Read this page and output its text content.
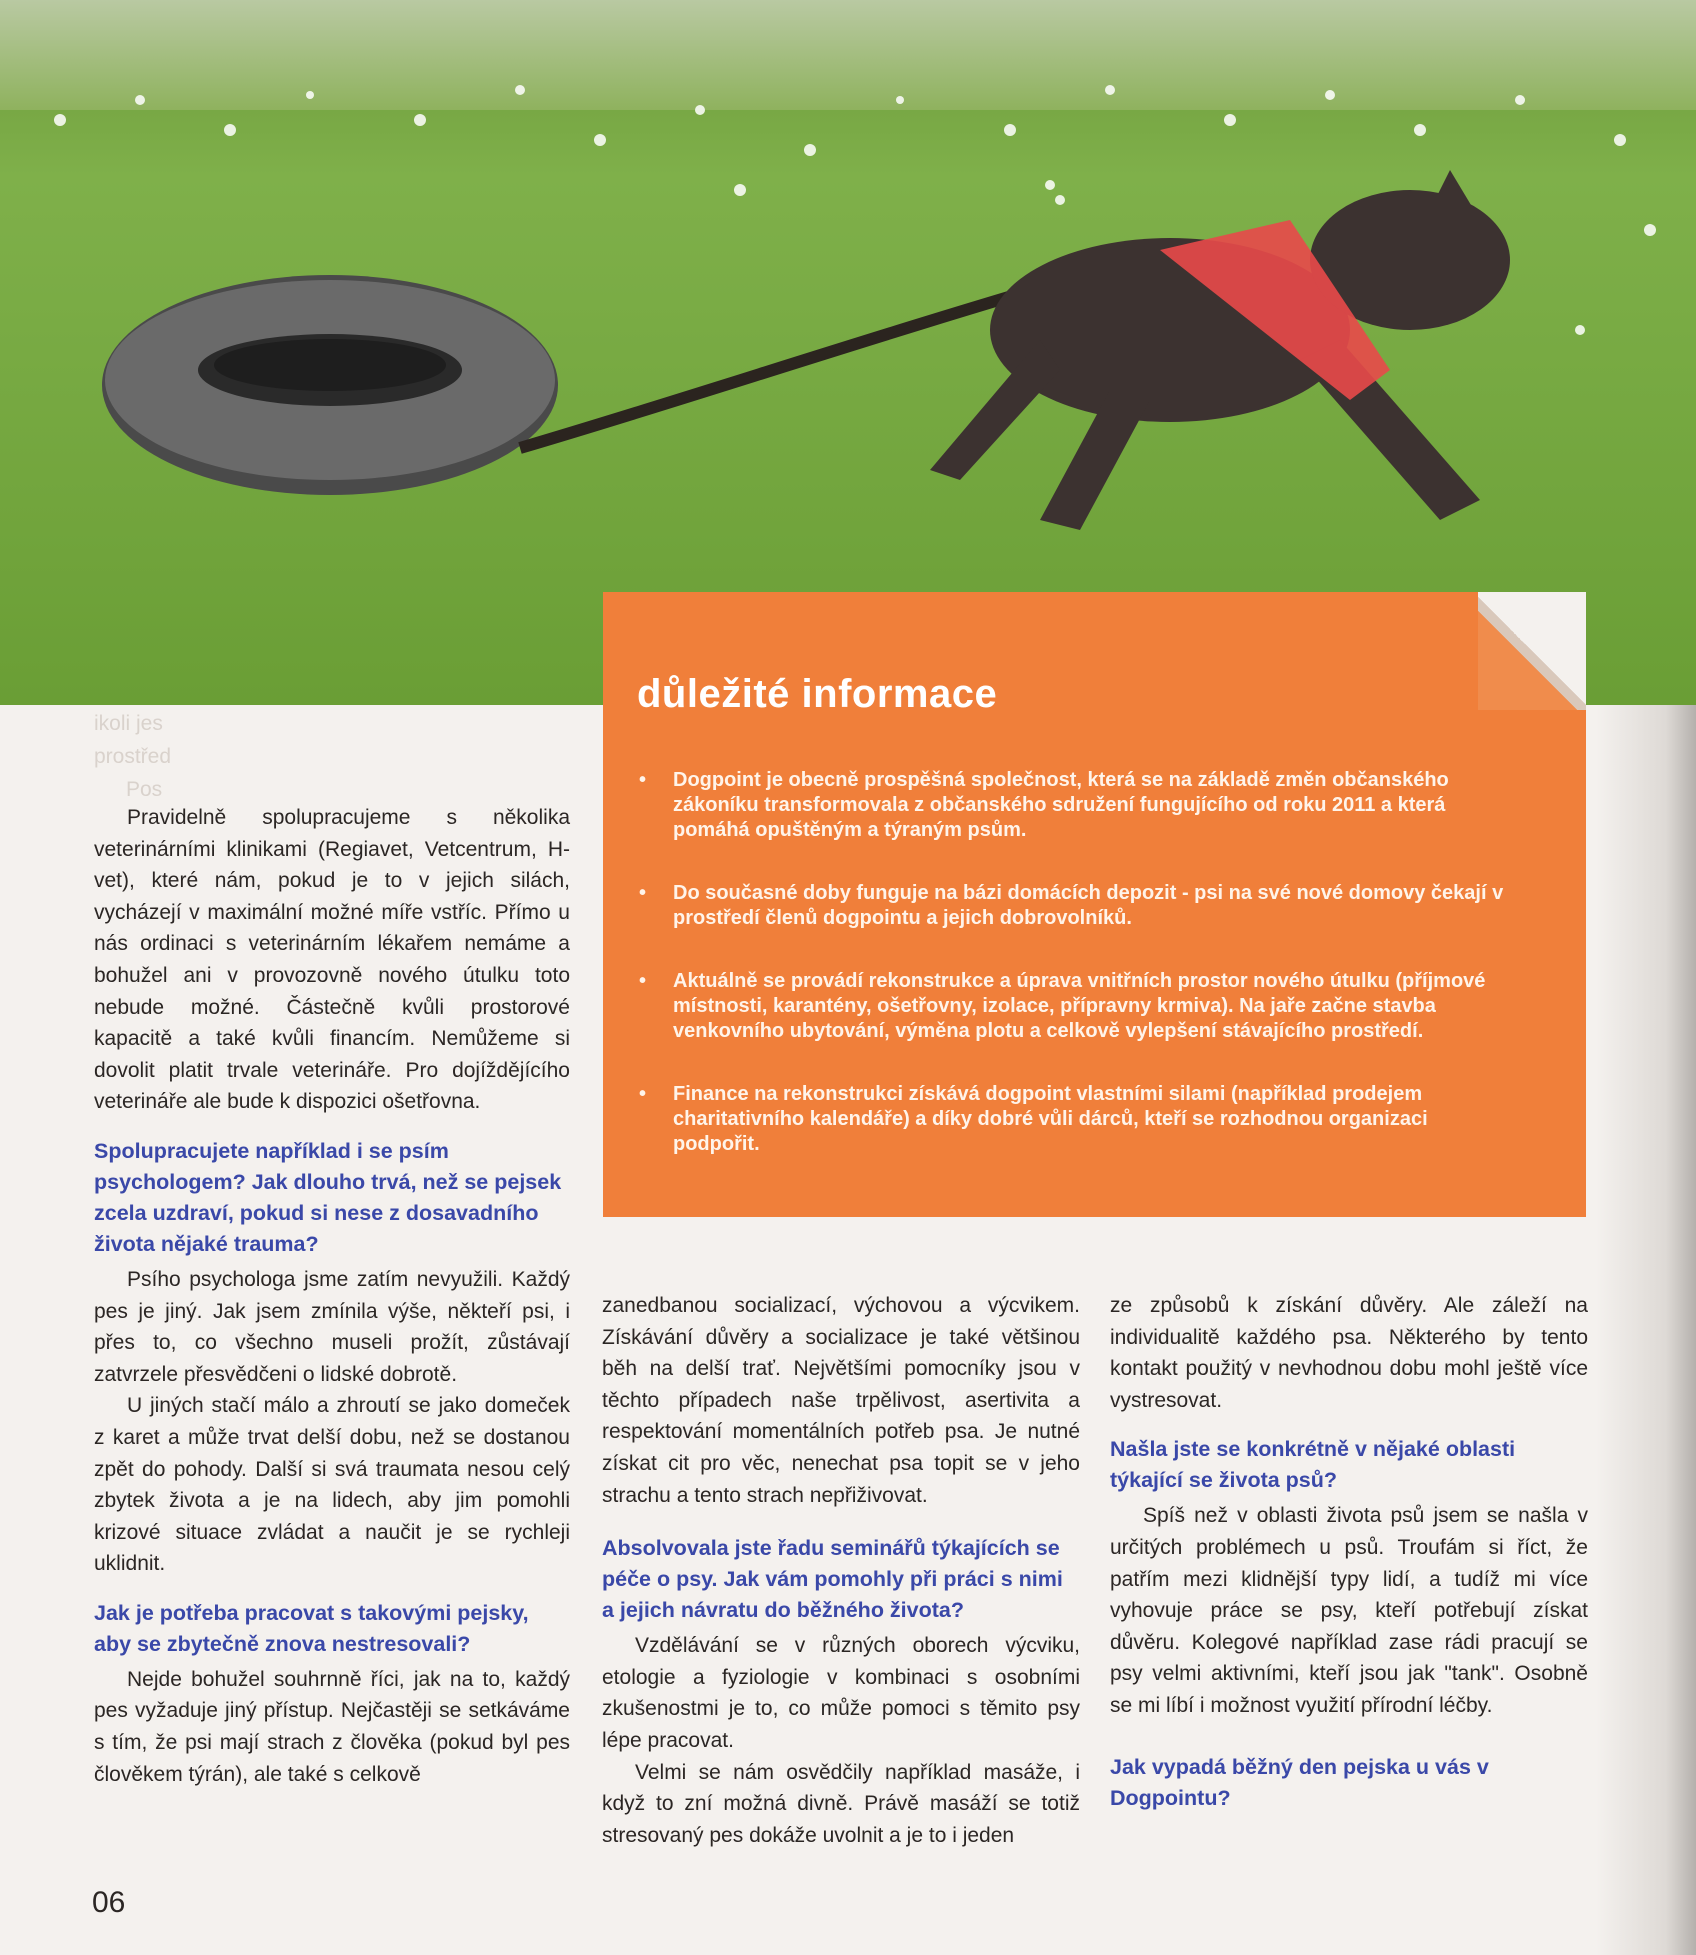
ikoli jes
prostřed
Pos
důležité informace
• Dogpoint je obecně prospěšná společnost, která se na základě změn občanského zákoníku transformovala z občanského sdružení fungujícího od roku 2011 a která pomáhá opuštěným a týraným psům.
• Do současné doby funguje na bázi domácích depozit - psi na své nové domovy čekají v prostředí členů dogpointu a jejich dobrovolníků.
• Aktuálně se provádí rekonstrukce a úprava vnitřních prostor nového útulku (příjmové místnosti, karantény, ošetřovny, izolace, přípravny krmiva). Na jaře začne stavba venkovního ubytování, výměna plotu a celkově vylepšení stávajícího prostředí.
• Finance na rekonstrukci získává dogpoint vlastními silami (například prodejem charitativního kalendáře) a díky dobré vůli dárců, kteří se rozhodnou organizaci podpořit.

Pravidelně spolupracujeme s několika veterinárními klinikami (Regiavet, Vetcentrum, H-vet), které nám, pokud je to v jejich silách, vycházejí v maximální možné míře vstříc. Přímo u nás ordinaci s veterinárním lékařem nemáme a bohužel ani v provozovně nového útulku toto nebude možné. Částečně kvůli prostorové kapacitě a také kvůli financím. Nemůžeme si dovolit platit trvale veterináře. Pro dojíždějícího veterináře ale bude k dispozici ošetřovna.

Spolupracujete například i se psím psychologem? Jak dlouho trvá, než se pejsek zcela uzdraví, pokud si nese z dosavadního života nějaké trauma?

Psího psychologa jsme zatím nevyužili. Každý pes je jiný. Jak jsem zmínila výše, někteří psi, i přes to, co všechno museli prožít, zůstávají zatvrzele přesvědčeni o lidské dobrotě.

U jiných stačí málo a zhroutí se jako domeček z karet a může trvat delší dobu, než se dostanou zpět do pohody. Další si svá traumata nesou celý zbytek života a je na lidech, aby jim pomohli krizové situace zvládat a naučit je se rychleji uklidnit.

Jak je potřeba pracovat s takovými pejsky, aby se zbytečně znova nestresovali?

Nejde bohužel souhrnně říci, jak na to, každý pes vyžaduje jiný přístup. Nejčastěji se setkáváme s tím, že psi mají strach z člověka (pokud byl pes člověkem týrán), ale také s celkově

zanedbanou socializací, výchovou a výcvikem. Získávání důvěry a socializace je také většinou běh na delší trať. Největšími pomocníky jsou v těchto případech naše trpělivost, asertivita a respektování momentálních potřeb psa. Je nutné získat cit pro věc, nenechat psa topit se v jeho strachu a tento strach nepřiživovat.

Absolvovala jste řadu seminářů týkajících se péče o psy. Jak vám pomohly při práci s nimi a jejich návratu do běžného života?

Vzdělávání se v různých oborech výcviku, etologie a fyziologie v kombinaci s osobními zkušenostmi je to, co může pomoci s těmito psy lépe pracovat.

Velmi se nám osvědčily například masáže, i když to zní možná divně. Právě masáží se totiž stresovaný pes dokáže uvolnit a je to i jeden

ze způsobů k získání důvěry. Ale záleží na individualitě každého psa. Některého by tento kontakt použitý v nevhodnou dobu mohl ještě více vystresovat.

Našla jste se konkrétně v nějaké oblasti týkající se života psů?

Spíš než v oblasti života psů jsem se našla v určitých problémech u psů. Troufám si říct, že patřím mezi klidnější typy lidí, a tudíž mi více vyhovuje práce se psy, kteří potřebují získat důvěru. Kolegové například zase rádi pracují se psy velmi aktivními, kteří jsou jak "tank". Osobně se mi líbí i možnost využití přírodní léčby.

Jak vypadá běžný den pejska u vás v Dogpointu?
06
